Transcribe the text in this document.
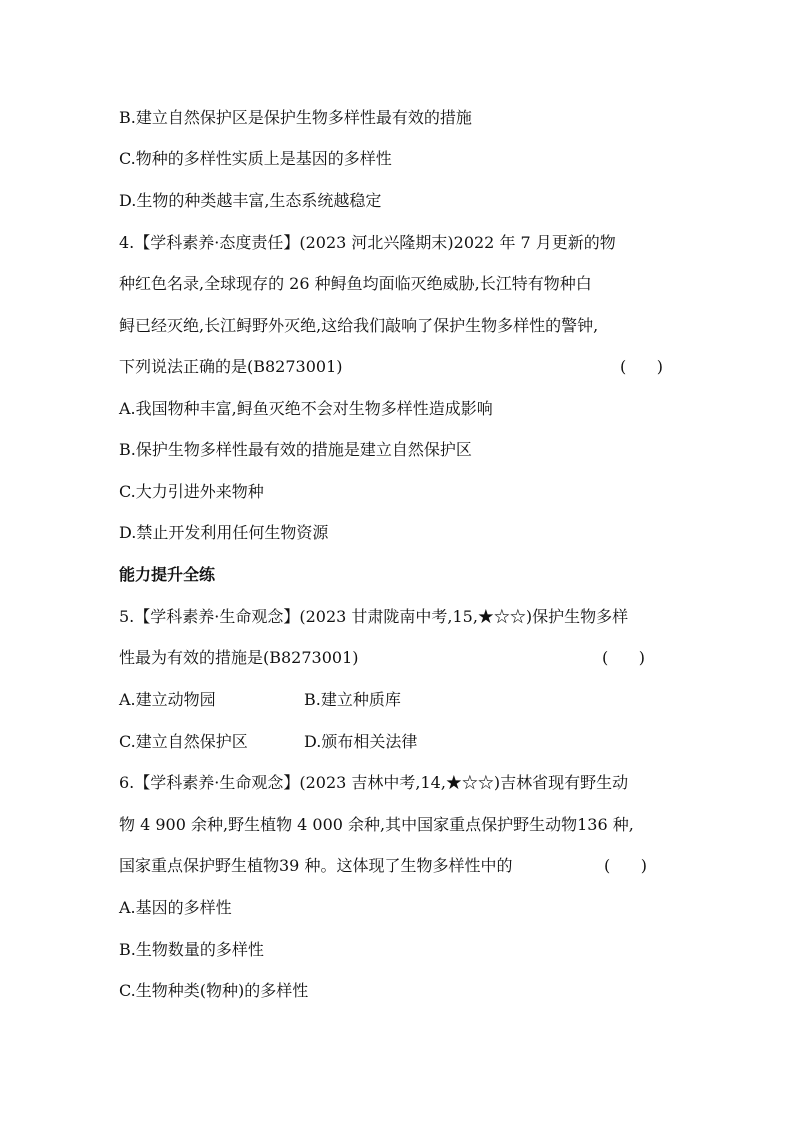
B.建立自然保护区是保护生物多样性最有效的措施
C.物种的多样性实质上是基因的多样性
D.生物的种类越丰富,生态系统越稳定
4.【学科素养·态度责任】(2023 河北兴隆期末)2022 年 7 月更新的物
种红色名录,全球现存的 26 种鲟鱼均面临灭绝威胁,长江特有物种白
鲟已经灭绝,长江鲟野外灭绝,这给我们敲响了保护生物多样性的警钟,
下列说法正确的是(B8273001)	(      )
A.我国物种丰富,鲟鱼灭绝不会对生物多样性造成影响
B.保护生物多样性最有效的措施是建立自然保护区
C.大力引进外来物种
D.禁止开发利用任何生物资源
能力提升全练
5.【学科素养·生命观念】(2023 甘肃陇南中考,15,★☆☆)保护生物多样
性最为有效的措施是(B8273001)	(      )
A.建立动物园	B.建立种质库
C.建立自然保护区	D.颁布相关法律
6.【学科素养·生命观念】(2023 吉林中考,14,★☆☆)吉林省现有野生动
物 4 900 余种,野生植物 4 000 余种,其中国家重点保护野生动物136 种,
国家重点保护野生植物39 种。这体现了生物多样性中的	(      )
A.基因的多样性
B.生物数量的多样性
C.生物种类(物种)的多样性
